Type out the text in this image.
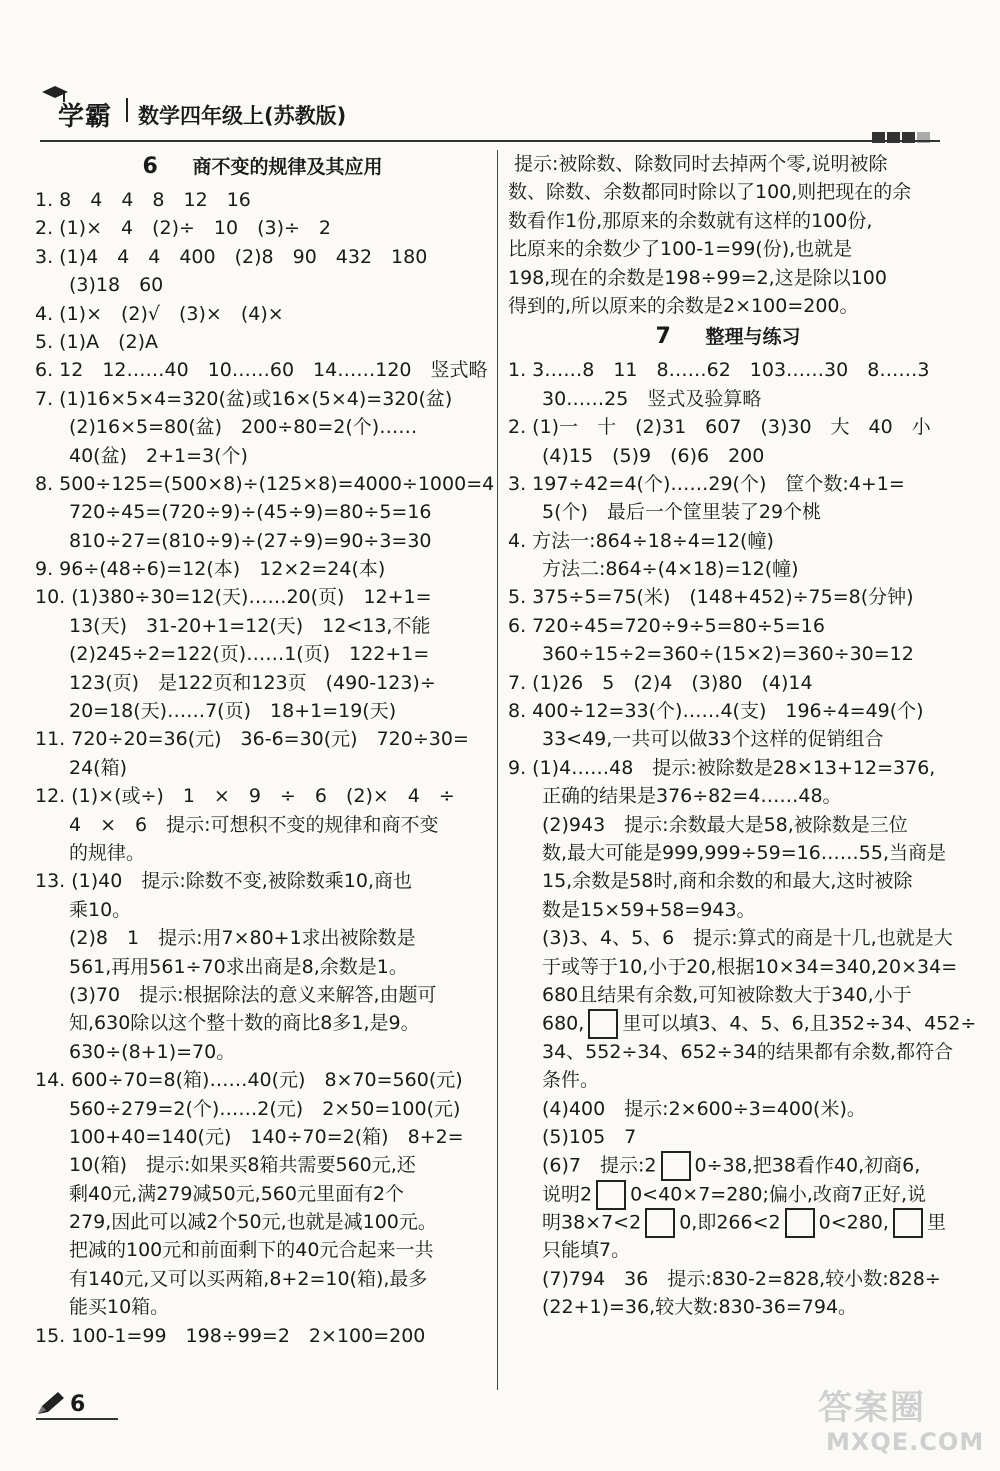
学霸 数学四年级上(苏教版)
6 商不变的规律及其应用
1. 8　4　4　8　12　16
2. (1)×　4　(2)÷　10　(3)÷　2
3. (1)4　4　4　400　(2)8　90　432　180
(3)18　60
4. (1)×　(2)√　(3)×　(4)×
5. (1)A　(2)A
6. 12　12……40　10……60　14……120　竖式略
7. (1)16×5×4=320(盆)或16×(5×4)=320(盆)
(2)16×5=80(盆)　200÷80=2(个)……
40(盆)　2+1=3(个)
8. 500÷125=(500×8)÷(125×8)=4000÷1000=4
720÷45=(720÷9)÷(45÷9)=80÷5=16
810÷27=(810÷9)÷(27÷9)=90÷3=30
9. 96÷(48÷6)=12(本)　12×2=24(本)
10. (1)380÷30=12(天)……20(页)　12+1=
13(天)　31-20+1=12(天)　12<13,不能
(2)245÷2=122(页)……1(页)　122+1=
123(页)　是122页和123页　(490-123)÷
20=18(天)……7(页)　18+1=19(天)
11. 720÷20=36(元)　36-6=30(元)　720÷30=
24(箱)
12. (1)×(或÷)　1　×　9　÷　6　(2)×　4　÷
4　×　6　提示:可想积不变的规律和商不变
的规律。
13. (1)40　提示:除数不变,被除数乘10,商也
乘10。
(2)8　1　提示:用7×80+1求出被除数是
561,再用561÷70求出商是8,余数是1。
(3)70　提示:根据除法的意义来解答,由题可
知,630除以这个整十数的商比8多1,是9。
630÷(8+1)=70。
14. 600÷70=8(箱)……40(元)　8×70=560(元)
560÷279=2(个)……2(元)　2×50=100(元)
100+40=140(元)　140÷70=2(箱)　8+2=
10(箱)　提示:如果买8箱共需要560元,还
剩40元,满279减50元,560元里面有2个
279,因此可以减2个50元,也就是减100元。
把减的100元和前面剩下的40元合起来一共
有140元,又可以买两箱,8+2=10(箱),最多
能买10箱。
15. 100-1=99　198÷99=2　2×100=200
提示:被除数、除数同时去掉两个零,说明被除
数、除数、余数都同时除以了100,则把现在的余
数看作1份,那原来的余数就有这样的100份,
比原来的余数少了100-1=99(份),也就是
198,现在的余数是198÷99=2,这是除以100
得到的,所以原来的余数是2×100=200。
7 整理与练习
1. 3……8　11　8……62　103……30　8……3
30……25　竖式及验算略
2. (1)一　十　(2)31　607　(3)30　大　40　小
(4)15　(5)9　(6)6　200
3. 197÷42=4(个)……29(个)　筐个数:4+1=
5(个)　最后一个筐里装了29个桃
4. 方法一:864÷18÷4=12(幢)
方法二:864÷(4×18)=12(幢)
5. 375÷5=75(米)　(148+452)÷75=8(分钟)
6. 720÷45=720÷9÷5=80÷5=16
360÷15÷2=360÷(15×2)=360÷30=12
7. (1)26　5　(2)4　(3)80　(4)14
8. 400÷12=33(个)……4(支)　196÷4=49(个)
33<49,一共可以做33个这样的促销组合
9. (1)4……48　提示:被除数是28×13+12=376,
正确的结果是376÷82=4……48。
(2)943　提示:余数最大是58,被除数是三位
数,最大可能是999,999÷59=16……55,当商是
15,余数是58时,商和余数的和最大,这时被除
数是15×59+58=943。
(3)3、4、5、6　提示:算式的商是十几,也就是大
于或等于10,小于20,根据10×34=340,20×34=
680且结果有余数,可知被除数大于340,小于
680, 里可以填3、4、5、6,且352÷34、452÷
34、552÷34、652÷34的结果都有余数,都符合
条件。
(4)400　提示:2×600÷3=400(米)。
(5)105　7
(6)7　提示:2 0÷38,把38看作40,初商6,
说明2 0<40×7=280;偏小,改商7正好,说
明38×7<2 0,即266<2 0<280, 里
只能填7。
(7)794　36　提示:830-2=828,较小数:828÷
(22+1)=36,较大数:830-36=794。
6	答案圈
MXQE.COM
